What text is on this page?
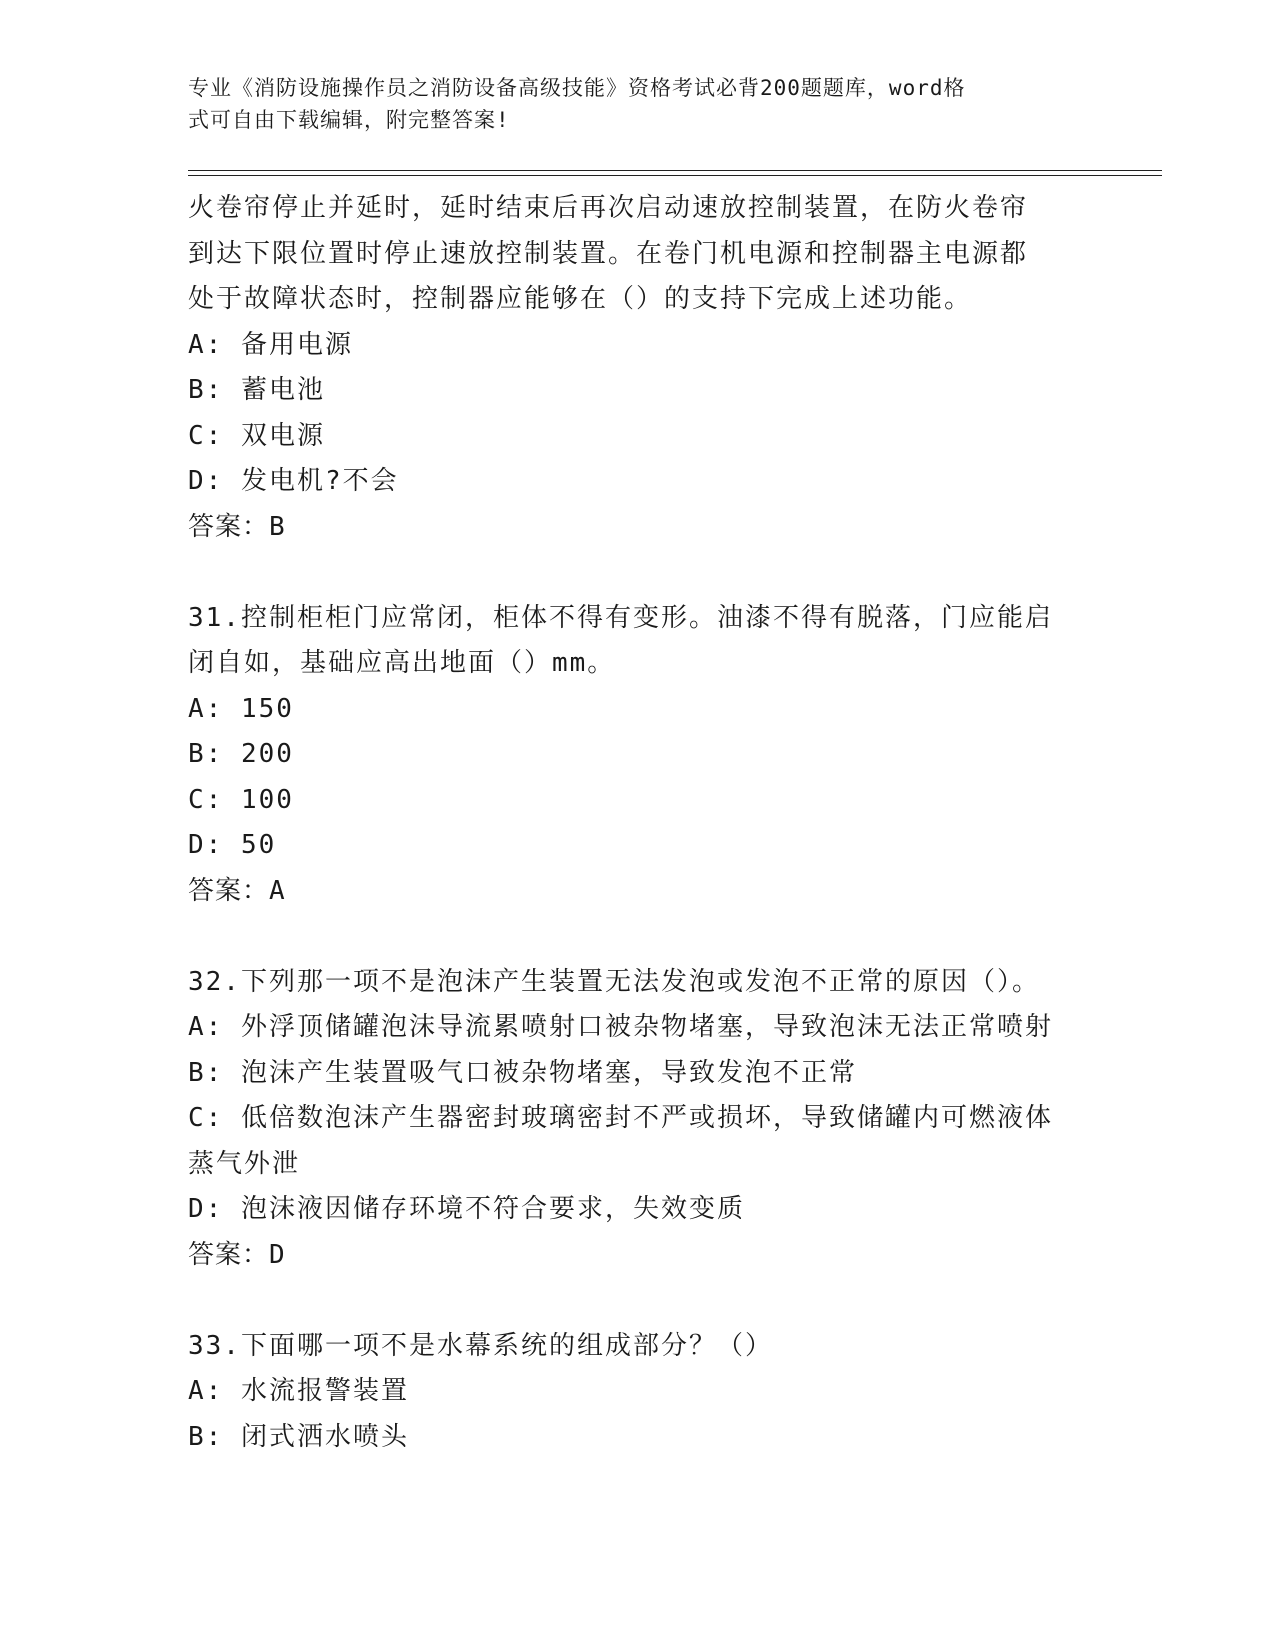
专业《消防设施操作员之消防设备高级技能》资格考试必背200题题库，word格
式可自由下载编辑，附完整答案!
火卷帘停止并延时，延时结束后再次启动速放控制装置，在防火卷帘
到达下限位置时停止速放控制装置。在卷门机电源和控制器主电源都
处于故障状态时，控制器应能够在（）的支持下完成上述功能。
A: 备用电源
B: 蓄电池
C: 双电源
D: 发电机?不会
答案：B
31.控制柜柜门应常闭，柜体不得有变形。油漆不得有脱落，门应能启
闭自如，基础应高出地面（）mm。
A: 150
B: 200
C: 100
D: 50
答案：A
32.下列那一项不是泡沫产生装置无法发泡或发泡不正常的原因（）。
A: 外浮顶储罐泡沫导流累喷射口被杂物堵塞，导致泡沫无法正常喷射
B: 泡沫产生装置吸气口被杂物堵塞，导致发泡不正常
C: 低倍数泡沫产生器密封玻璃密封不严或损坏，导致储罐内可燃液体
蒸气外泄
D: 泡沫液因储存环境不符合要求，失效变质
答案：D
33.下面哪一项不是水幕系统的组成部分？（）
A: 水流报警装置
B: 闭式洒水喷头
